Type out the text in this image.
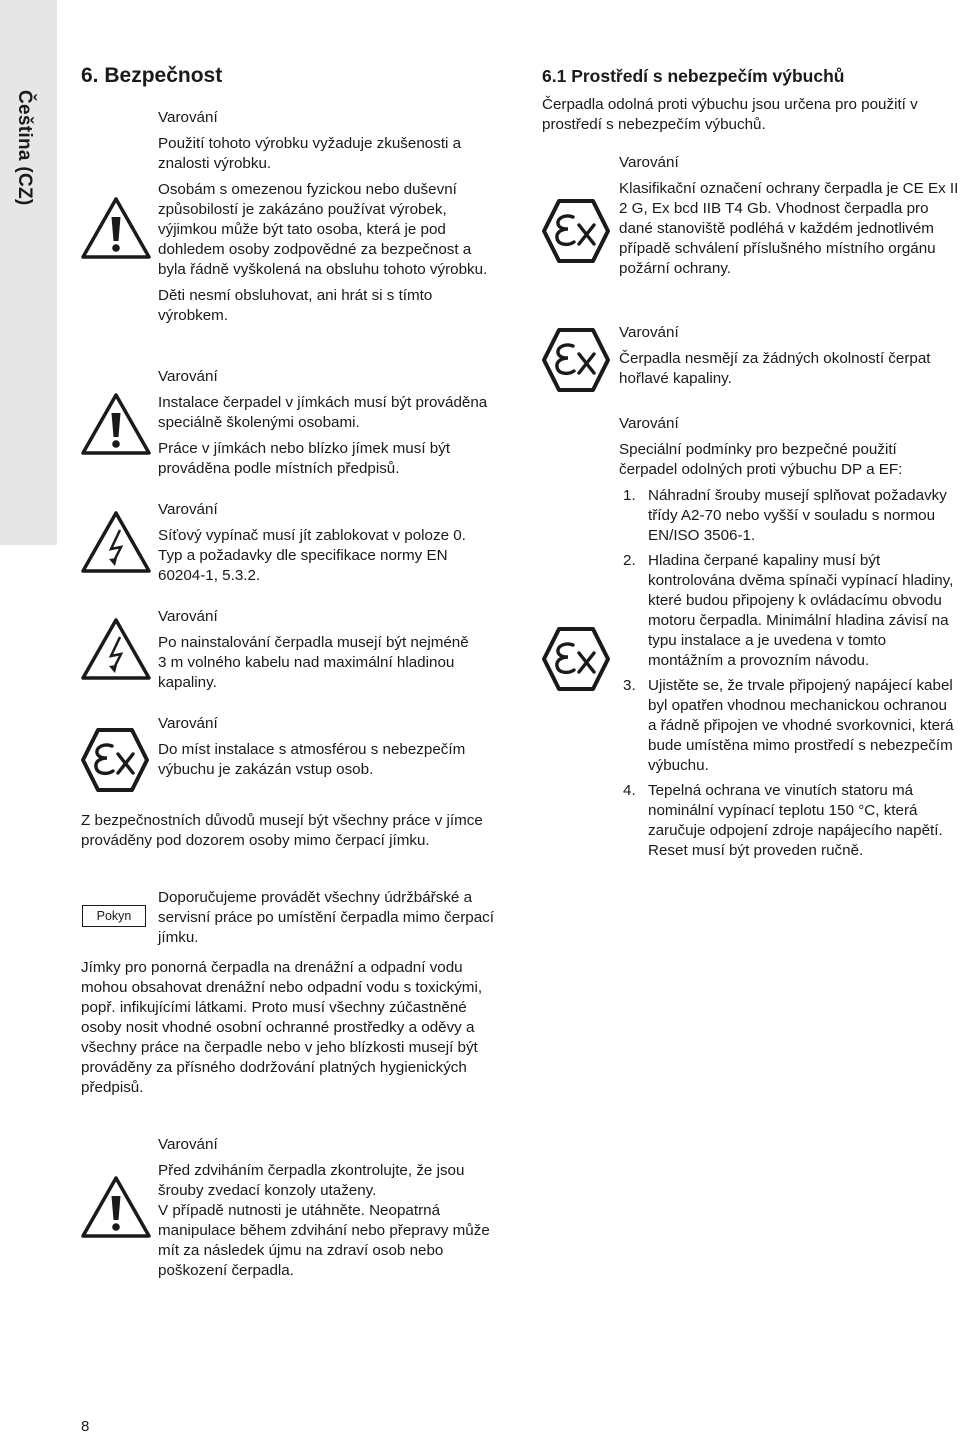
Čeština (CZ)
6. Bezpečnost

Varování

Použití tohoto výrobku vyžaduje zkušenosti a znalosti výrobku.

Osobám s omezenou fyzickou nebo duševní způsobilostí je zakázáno používat výrobek, výjimkou může být tato osoba, která je pod dohledem osoby zodpovědné za bezpečnost a byla řádně vyškolená na obsluhu tohoto výrobku.

Děti nesmí obsluhovat, ani hrát si s tímto výrobkem.

Varování

Instalace čerpadel v jímkách musí být prováděna speciálně školenými osobami.

Práce v jímkách nebo blízko jímek musí být prováděna podle místních předpisů.

Varování

Síťový vypínač musí jít zablokovat v poloze 0. Typ a požadavky dle specifikace normy EN 60204-1, 5.3.2.

Varování

Po nainstalování čerpadla musejí být nejméně 3 m volného kabelu nad maximální hladinou kapaliny.

Varování

Do míst instalace s atmosférou s nebezpečím výbuchu je zakázán vstup osob.

Z bezpečnostních důvodů musejí být všechny práce v jímce prováděny pod dozorem osoby mimo čerpací jímku.
Pokyn
Doporučujeme provádět všechny údržbářské a servisní práce po umístění čerpadla mimo čerpací jímku.
Jímky pro ponorná čerpadla na drenážní a odpadní vodu mohou obsahovat drenážní nebo odpadní vodu s toxickými, popř. infikujícími látkami. Proto musí všechny zúčastněné osoby nosit vhodné osobní ochranné prostředky a oděvy a všechny práce na čerpadle nebo v jeho blízkosti musejí být prováděny za přísného dodržování platných hygienických předpisů.

Varování

Před zdviháním čerpadla zkontrolujte, že jsou šrouby zvedací konzoly utaženy.

V případě nutnosti je utáhněte. Neopatrná manipulace během zdvihání nebo přepravy může mít za následek újmu na zdraví osob nebo poškození čerpadla.

8
6.1 Prostředí s nebezpečím výbuchů
Čerpadla odolná proti výbuchu jsou určena pro použití v prostředí s nebezpečím výbuchů.

Varování

Klasifikační označení ochrany čerpadla je CE Ex II 2 G, Ex bcd IIB T4 Gb. Vhodnost čerpadla pro dané stanoviště podléhá v každém jednotlivém případě schválení příslušného místního orgánu požární ochrany.

Varování

Čerpadla nesmějí za žádných okolností čerpat hořlavé kapaliny.

Varování

Speciální podmínky pro bezpečné použití čerpadel odolných proti výbuchu DP a EF:

1. Náhradní šrouby musejí splňovat požadavky třídy A2-70 nebo vyšší v souladu s normou EN/ISO 3506-1.
2. Hladina čerpané kapaliny musí být kontrolována dvěma spínači vypínací hladiny, které budou připojeny k ovládacímu obvodu motoru čerpadla. Minimální hladina závisí na typu instalace a je uvedena v tomto montážním a provozním návodu.
3. Ujistěte se, že trvale připojený napájecí kabel byl opatřen vhodnou mechanickou ochranou a řádně připojen ve vhodné svorkovnici, která bude umístěna mimo prostředí s nebezpečím výbuchu.
4. Tepelná ochrana ve vinutích statoru má nominální vypínací teplotu 150 °C, která zaručuje odpojení zdroje napájecího napětí. Reset musí být proveden ručně.
